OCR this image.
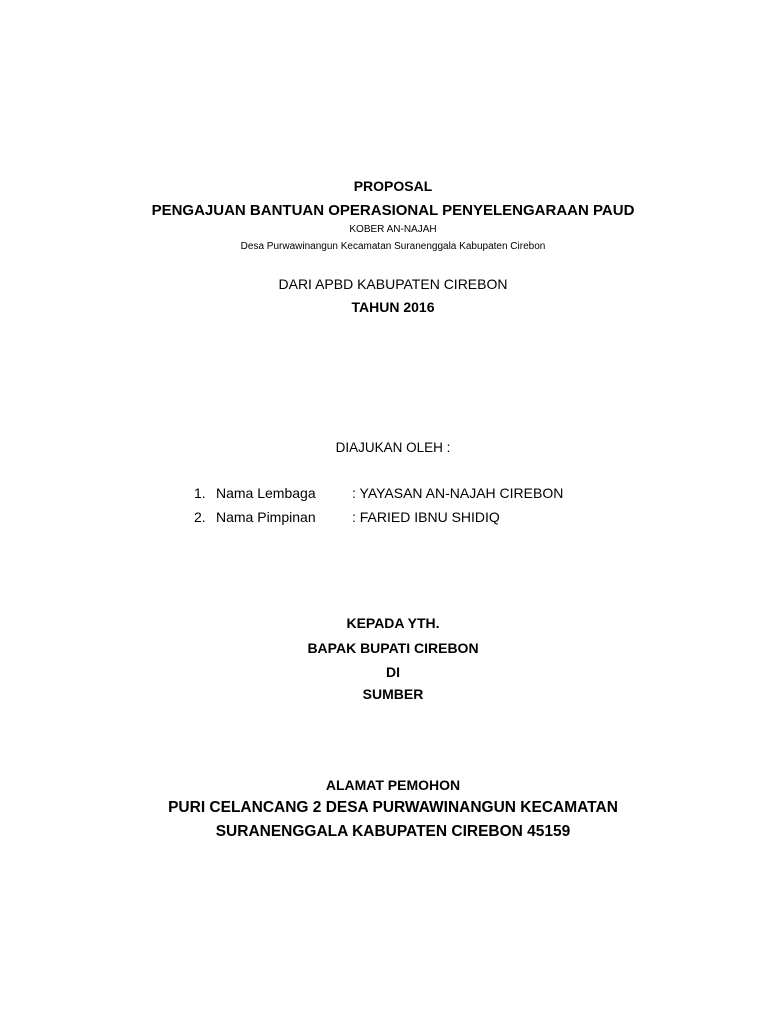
PROPOSAL
PENGAJUAN BANTUAN OPERASIONAL PENYELENGARAAN PAUD
KOBER AN-NAJAH
Desa Purwawinangun Kecamatan Suranenggala Kabupaten Cirebon
DARI APBD KABUPATEN CIREBON
TAHUN 2016
DIAJUKAN OLEH :
1. Nama Lembaga	: YAYASAN AN-NAJAH CIREBON
2. Nama Pimpinan	: FARIED IBNU SHIDIQ
KEPADA YTH.
BAPAK BUPATI CIREBON
DI
SUMBER
ALAMAT PEMOHON
PURI CELANCANG 2 DESA PURWAWINANGUN KECAMATAN
SURANENGGALA KABUPATEN CIREBON 45159
